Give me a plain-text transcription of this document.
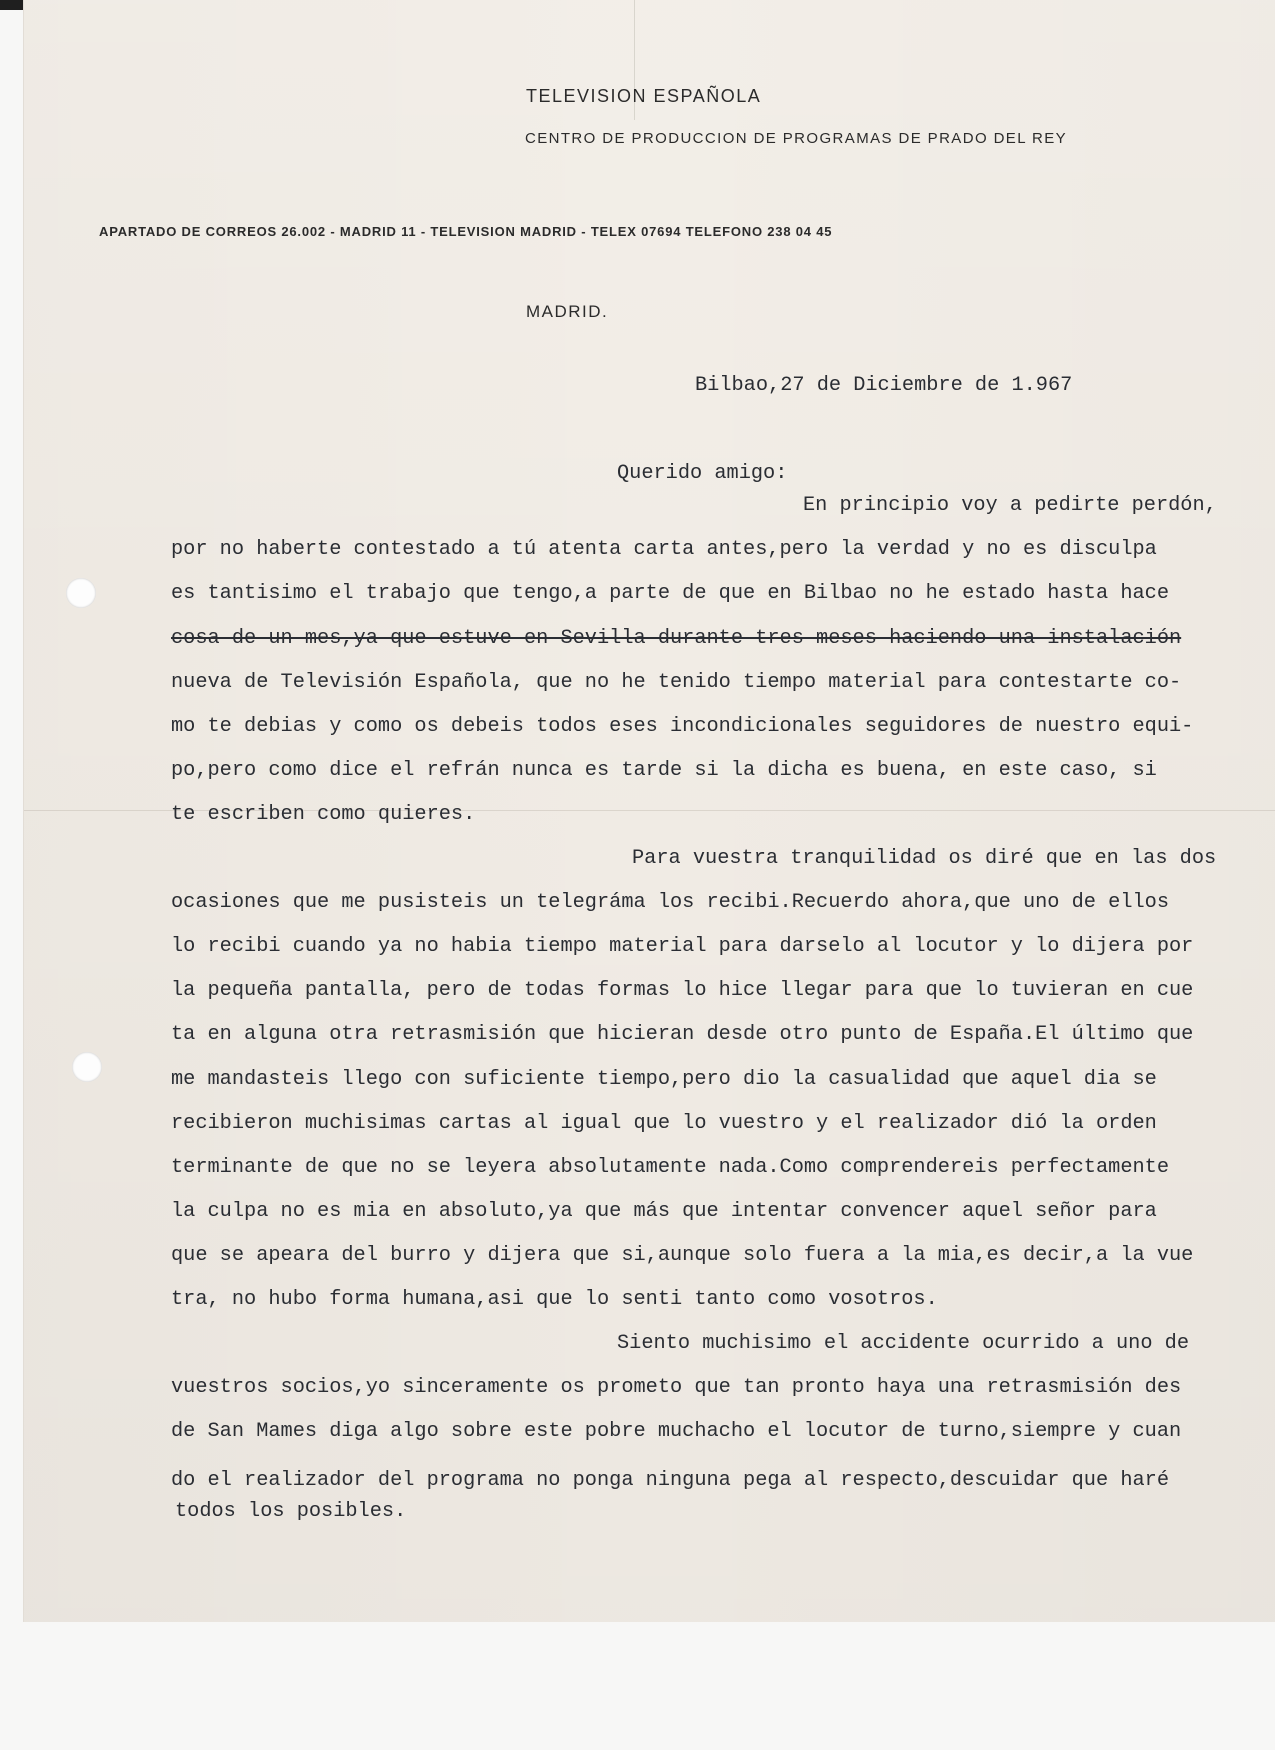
TELEVISION ESPAÑOLA
CENTRO DE PRODUCCION DE PROGRAMAS DE PRADO DEL REY
APARTADO DE CORREOS 26.002 - MADRID 11 - TELEVISION MADRID - TELEX 07694 TELEFONO 238 04 45
MADRID.
Bilbao,27 de Diciembre de 1.967
Querido amigo:
En principio voy a pedirte perdón,
por no haberte contestado a tú atenta carta antes,pero la verdad y no es disculpa
es tantisimo el trabajo que tengo,a parte de que en Bilbao no he estado hasta hace
cosa de un mes,ya que estuve en Sevilla durante tres meses haciendo una instalación
nueva de Televisión Española, que no he tenido tiempo material para contestarte co-
mo te debias y como os debeis todos eses incondicionales seguidores de nuestro equi-
po,pero como dice el refrán nunca es tarde si la dicha es buena, en este caso, si
te escriben como quieres.
Para vuestra tranquilidad os diré que en las dos
ocasiones que me pusisteis un telegráma los recibi.Recuerdo ahora,que uno de ellos
lo recibi cuando ya no habia tiempo material para darselo al locutor y lo dijera por
la pequeña pantalla, pero de todas formas lo hice llegar para que lo tuvieran en cue
ta en alguna otra retrasmisión que hicieran desde otro punto de España.El último que
me mandasteis llego con suficiente tiempo,pero dio la casualidad que aquel dia se
recibieron muchisimas cartas al igual que lo vuestro y el realizador dió la orden
terminante de que no se leyera absolutamente nada.Como comprendereis perfectamente
la culpa no es mia en absoluto,ya que más que intentar convencer aquel señor para
que se apeara del burro y dijera que si,aunque solo fuera a la mia,es decir,a la vue
tra, no hubo forma humana,asi que lo senti tanto como vosotros.
Siento muchisimo el accidente ocurrido a uno de
vuestros socios,yo sinceramente os prometo que tan pronto haya una retrasmisión des
de San Mames diga algo sobre este pobre muchacho el locutor de turno,siempre y cuan
do el realizador del programa no ponga ninguna pega al respecto,descuidar que haré
todos los posibles.
